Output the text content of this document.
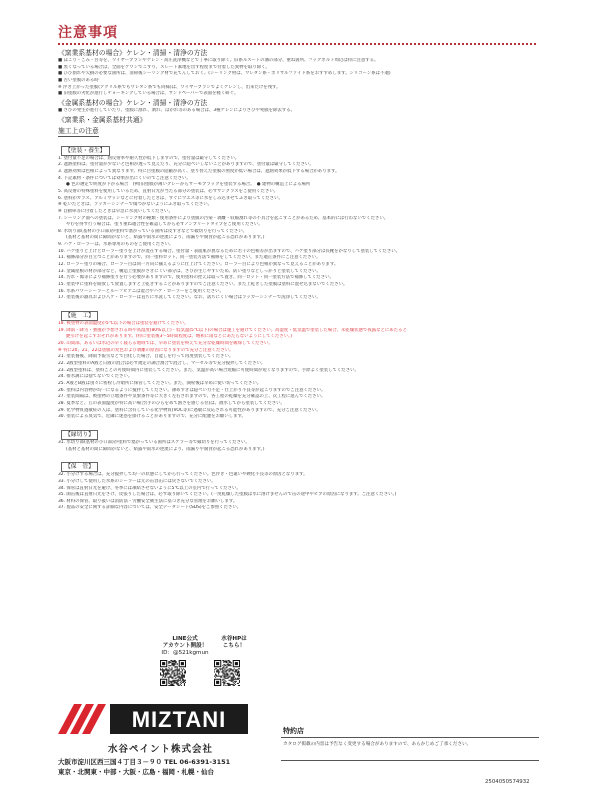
注意事項
《窯業系基材の場合》ケレン・清掃・清浄の方法
■ ほこり・ごみ・吾等を、ワイヤーブラシやケレン・高圧洗浄機などで丁寧に取り除く。旧系ルスートの溝の部分、重ね箇所、フックボルト周辺は特に注意する。
■ 黒くなっている場合は、全面をケワシでこすり、スレート素地を出す程度まで付着した異物を取り除く。
■ ひび割れや欠損の必要な箇所は、清掃後シーリング材で充てんしておく。(シーリング材は、ウレタン系・ポリサルファイド系をおすすめします。シリコーン系は不適)
■ 古い塗膜のある時
※ 浮き上がった塗膜(アクリル系でもウレタン系でも同様)は、ワイヤーブラシでよくケレンし、出来だけを残す。
■ 旧塗膜の劣化が進行しチョーキングしている場合は、サンドペーパーで表面を軽く研ぐ。
《金属系基材の場合》ケレン・清掃・清浄の方法
■ さびの発生が進行していたり、塗膜に割れ、剥れ、はがれ等のある場合は、3種ケレンによりさびや死膜を除去する。
《窯業系・金属系基材共通》
施工上の注意
【塗装・養生】
1. 塗付量不足の場合は、熱反射率や耐久性が低下しますので、塗付量は厳守してください。
2. 遮熱塗料は、塗付量が少ないと色相が透って見えたり、充分に隠ぺいしないことがありますので、塗付量は厳守してください。
3. 遮熱効果は色相によって異なります。特に目塗膜の隠蔽が高く、塗り替えた塗膜の照度が低い場合は、遮熱効果が低下する場合があります。
4. 下記素材・条件については効果が出にくいのでご注意ください。
● 色の選定で明度が下がる場合　(例)旧塗膜が薄いグレーからサーモブラックを塗装する場合。　● 建物の構造上による場所
5. 高反射の特殊塗料を使用しているため、直射日光が当たる部分の塗装は、必ずサングラスをご使用ください。
6. 塗料がガラス、アルミサッシなどに付着したときは、すぐにウエス等に水をしみ込ませてふき取ってください。
※ 乾いたときは、ラッカーシンナーで傷つかないようにふき取ってください。
※ 自動車等に付着したときは早急に水洗いしてください。
7. シーリング面への塗装は、シーリング材の種類・使用条件により塗膜の汚染・剥離・収縮割れ等の不具合を起こすことがあるため、基本的には行わないでください。
やむを得ず行う場合は、塗り重ね適合性を確認してから必ずノンブリードタイプをご使用ください。
8. 水切り部(基材の小口部)が塗料で塞がっている箇所は皮すきなどで破切りを行ってください。
(基材と基材の間に隙間がないと、結露や雨水の逆流により、雨漏りや腐食が起こる恐れがあります。)
9. ハケ・ローラーは、水系専用のものをご使用ください。
10. ハケ塗りと上げとローラー塗りを上げが混在する場合、塗付量・表面肌が異なるために若干の色相差が出ますので、ハケ塗り部分は長靴をかなりして塗装してください。
11. 補修部分が目立つことがありますので、同一塗料ロット、同一塗装方法で補修をしてください。また適正条件にご注意ください。
12. ローラー塗りの場合、ローラー目は同一方向に揃えるように仕上げてください。ローラー目により色相が異なって見えることがあります。
13. 金属屋根の材が部分など、構造上塗膜がさきにくい部分は、さびが生じやすいため、防い塗りなどしっかりと塗装してください。
14. 汚れ・傷等により補修塗りを行う必要がありますので、使用塗料の控えは取って置き、同一ロット・同一塗装方法で補修してください。
15. 塗装中に塗料を開放して放置しますと上乾きすることがありますのでご注意ください。また上乾きした塗膜は塗料に混ぜ込まないでください。
16. 水系バワーシーラーとルーフビアニは混合やハケ・ローラーをご使用ください。
17. 塗装後の器具および八ケ・ローラーは直ちに水洗してください。なお、落ちにくい場合はラッカーシンナーで洗浄してください。
【施　工】
18. 被塗物の表面温度が5℃以下の場合は塗装を避けてください。
19. 降雨・降雪・強風が予想される時や高湿度(80%以上)・低気温(5℃以下)の場合は施工を避けてください。高湿度・低気温で塗装した場合、未乾燥状態で夜露などにあたると
艶引けを起こすおそれがあります。(特に塗装後3～5時間程度は、飽和に雨などにあたらないようにしてください。)
20. 山間部、あるいは水辺の早く寝らる地域では、早めに塗装を終えて充分な乾燥時間を確保してください。
※ 特に20、21、22は塗膜の変色および剥離の原因になりますので充分ご注意ください。
21. 塗装養後、降雨予報雪などで白化した場合、自能しを行って再度塗装してください。
22. 2液型塗料のA液と日液の混合は必ず規定の調合割合で混合し、マーゼル等で充分撹拌してください。
23. 2液型塗料は、塗料ごとの可使時間内に塗装してください。また、気温が高い場合短縮に可使時間が短くなりますので、手際よく塗装してください。
24. 排水溝には捨てないでください。
25. A液とB液は別々に密栓し冷暗所に保管してください。また、開栓後は早めに使い切ってください。
26. 塗料は内容物が均一になるように撹拌してください。薄めすぎは隠ぺい力不足・仕上がり不良等が起こりますのでご注意ください。
27. 塗装間隔は、被塗物の立地条件や気象条件等に大きく左右されますので、各工程の乾燥を充分確認の上、次工程に進んでください。
28. 夏季など、丘の表面温度が特に高い場合(手のひらをめて熱さを感じる位)は、散水してから塗装してください。
29. 化学物質過敏症の人は、塗料に含有している化学物質(VOC等)に過敏に反応される可能性がありますので、充分ご注意ください。
30. 塗装による臭気で、近隣に迷惑を掛けることがありますので、充分に配慮をお願いします。
【縁切り】
31. 水切り部(基材の小口部)が塗料で塞がっている箇所はスケラー等で縁切りを行ってください。
(基材と基材の間に隙間がないと、結露や雨水の逆流により、雨漏りや腐食が起こる恐れがあります。)
【保　管】
32. 小分けする場合は、充分撹拌して均一の状態にしてから行ってください。色浮き・色違いや硬化不良等の原因となります。
33. 小分けして使用した水系のシーラーは元の缶容缶には戻さないでください。
34. 保管は直射日光を避け、冬季には凍結させないように5℃以上の室内で行ってください。
35. 開缶後は直射日光をさけ、皮張りした場合は、必ず取り除いてください。(一度乾燥した塗膜は水に溶けませんので缶の途中やビブの原因になります。ご注意ください。)
36. 材料の保管、取り扱いは消防法・労働安全衛生法に基づき充分な管理をお願いします。
37. 製品の安全に関する詳細な内容については、安全データシート(SDS)をご参照ください。
LINE公式
アカウント開設！
ID：@521kgmun
水谷HPは
こちら！
MIZTANI
水谷ペイント株式会社
大阪市淀川区西三国４丁目３－９０ TEL 06-6391-3151
東京・北関東・中部・大阪・広島・福岡・札幌・仙台
特約店
カタログ掲載の内容は予告なく変更する場合がありますので、あらかじめご了承ください。
2504050574932
